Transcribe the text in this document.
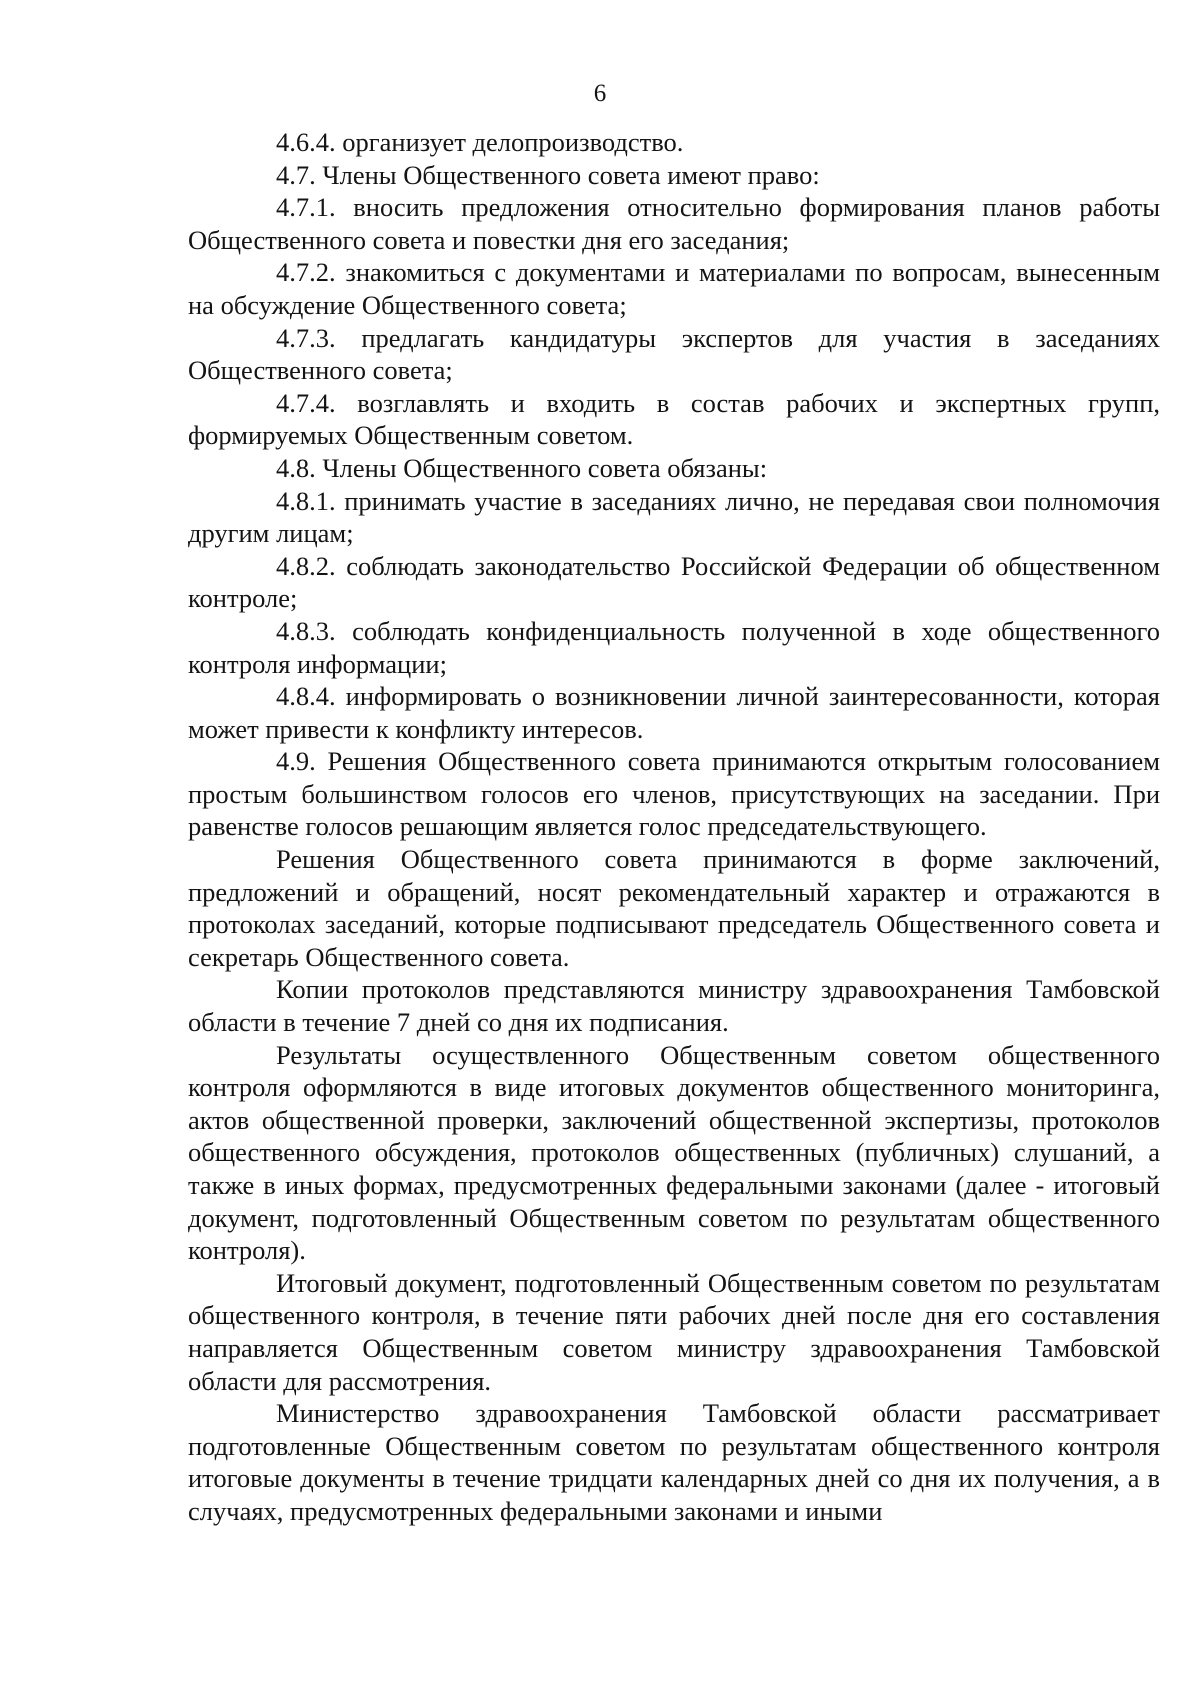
6

4.6.4. организует делопроизводство.

4.7. Члены Общественного совета имеют право:

4.7.1. вносить предложения относительно формирования планов работы Общественного совета и повестки дня его заседания;

4.7.2. знакомиться с документами и материалами по вопросам, вынесенным на обсуждение Общественного совета;

4.7.3. предлагать кандидатуры экспертов для участия в заседаниях Общественного совета;

4.7.4. возглавлять и входить в состав рабочих и экспертных групп, формируемых Общественным советом.

4.8. Члены Общественного совета обязаны:

4.8.1. принимать участие в заседаниях лично, не передавая свои полномочия другим лицам;

4.8.2. соблюдать законодательство Российской Федерации об общественном контроле;

4.8.3. соблюдать конфиденциальность полученной в ходе общественного контроля информации;

4.8.4. информировать о возникновении личной заинтересованности, которая может привести к конфликту интересов.

4.9. Решения Общественного совета принимаются открытым голосованием простым большинством голосов его членов, присутствующих на заседании. При равенстве голосов решающим является голос председательствующего.

Решения Общественного совета принимаются в форме заключений, предложений и обращений, носят рекомендательный характер и отражаются в протоколах заседаний, которые подписывают председатель Общественного совета и секретарь Общественного совета.

Копии протоколов представляются министру здравоохранения Тамбовской области в течение 7 дней со дня их подписания.

Результаты осуществленного Общественным советом общественного контроля оформляются в виде итоговых документов общественного мониторинга, актов общественной проверки, заключений общественной экспертизы, протоколов общественного обсуждения, протоколов общественных (публичных) слушаний, а также в иных формах, предусмотренных федеральными законами (далее - итоговый документ, подготовленный Общественным советом по результатам общественного контроля).

Итоговый документ, подготовленный Общественным советом по результатам общественного контроля, в течение пяти рабочих дней после дня его составления направляется Общественным советом министру здравоохранения Тамбовской области для рассмотрения.

Министерство здравоохранения Тамбовской области рассматривает подготовленные Общественным советом по результатам общественного контроля итоговые документы в течение тридцати календарных дней со дня их получения, а в случаях, предусмотренных федеральными законами и иными
